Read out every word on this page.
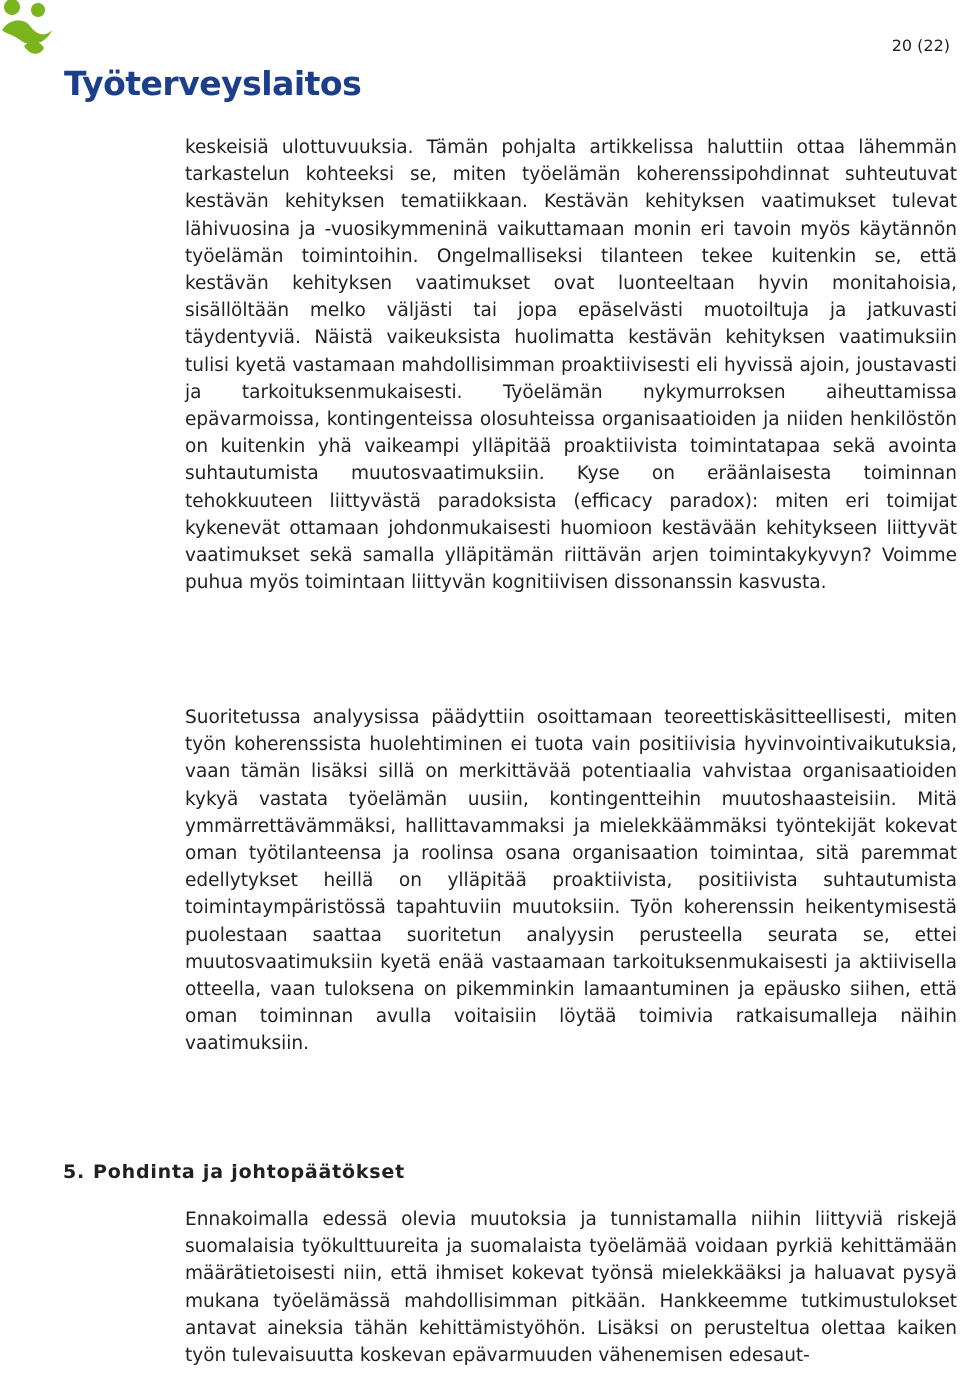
Työterveyslaitos
20 (22)

keskeisiä ulottuvuuksia. Tämän pohjalta artikkelissa haluttiin ottaa lähemmän tarkastelun kohteeksi se, miten työelämän koherenssipohdinnat suhteutuvat kestävän kehityksen tematiikkaan. Kestävän kehityksen vaatimukset tulevat lähivuosina ja -vuosikymmeninä vaikuttamaan monin eri tavoin myös käytännön työelämän toimintoihin. Ongelmalliseksi tilanteen tekee kuitenkin se, että kestävän kehityksen vaatimukset ovat luonteeltaan hyvin monitahoisia, sisällöltään melko väljästi tai jopa epäselvästi muotoiltuja ja jatkuvasti täydentyviä. Näistä vaikeuksista huolimatta kestävän kehityksen vaatimuksiin tulisi kyetä vastamaan mahdollisimman proaktiivisesti eli hyvissä ajoin, joustavasti ja tarkoituksenmukaisesti. Työelämän nykymurroksen aiheuttamissa epävarmoissa, kontingenteissa olosuhteissa organisaatioiden ja niiden henkilöstön on kuitenkin yhä vaikeampi ylläpitää proaktiivista toimintatapaa sekä avointa suhtautumista muutosvaatimuksiin. Kyse on eräänlaisesta toiminnan tehokkuuteen liittyvästä paradoksista (efficacy paradox): miten eri toimijat kykenevät ottamaan johdonmukaisesti huomioon kestävään kehitykseen liittyvät vaatimukset sekä samalla ylläpitämän riittävän arjen toimintakykyvyn? Voimme puhua myös toimintaan liittyvän kognitiivisen dissonanssin kasvusta.

Suoritetussa analyysissa päädyttiin osoittamaan teoreettiskäsitteellisesti, miten työn koherenssista huolehtiminen ei tuota vain positiivisia hyvinvointivaikutuksia, vaan tämän lisäksi sillä on merkittävää potentiaalia vahvistaa organisaatioiden kykyä vastata työelämän uusiin, kontingentteihin muutoshaasteisiin. Mitä ymmärrettävämmäksi, hallittavammaksi ja mielekkäämmäksi työntekijät kokevat oman työtilanteensa ja roolinsa osana organisaation toimintaa, sitä paremmat edellytykset heillä on ylläpitää proaktiivista, positiivista suhtautumista toimintaympäristössä tapahtuviin muutoksiin. Työn koherenssin heikentymisestä puolestaan saattaa suoritetun analyysin perusteella seurata se, ettei muutosvaatimuksiin kyetä enää vastaamaan tarkoituksenmukaisesti ja aktiivisella otteella, vaan tuloksena on pikemminkin lamaantuminen ja epäusko siihen, että oman toiminnan avulla voitaisiin löytää toimivia ratkaisumalleja näihin vaatimuksiin.

5. Pohdinta ja johtopäätökset

Ennakoimalla edessä olevia muutoksia ja tunnistamalla niihin liittyviä riskejä suomalaisia työkulttuureita ja suomalaista työelämää voidaan pyrkiä kehittämään määrätietoisesti niin, että ihmiset kokevat työnsä mielekkääksi ja haluavat pysyä mukana työelämässä mahdollisimman pitkään. Hankkeemme tutkimustulokset antavat aineksia tähän kehittämistyöhön. Lisäksi on perusteltua olettaa kaiken työn tulevaisuutta koskevan epävarmuuden vähenemisen edesaut-
